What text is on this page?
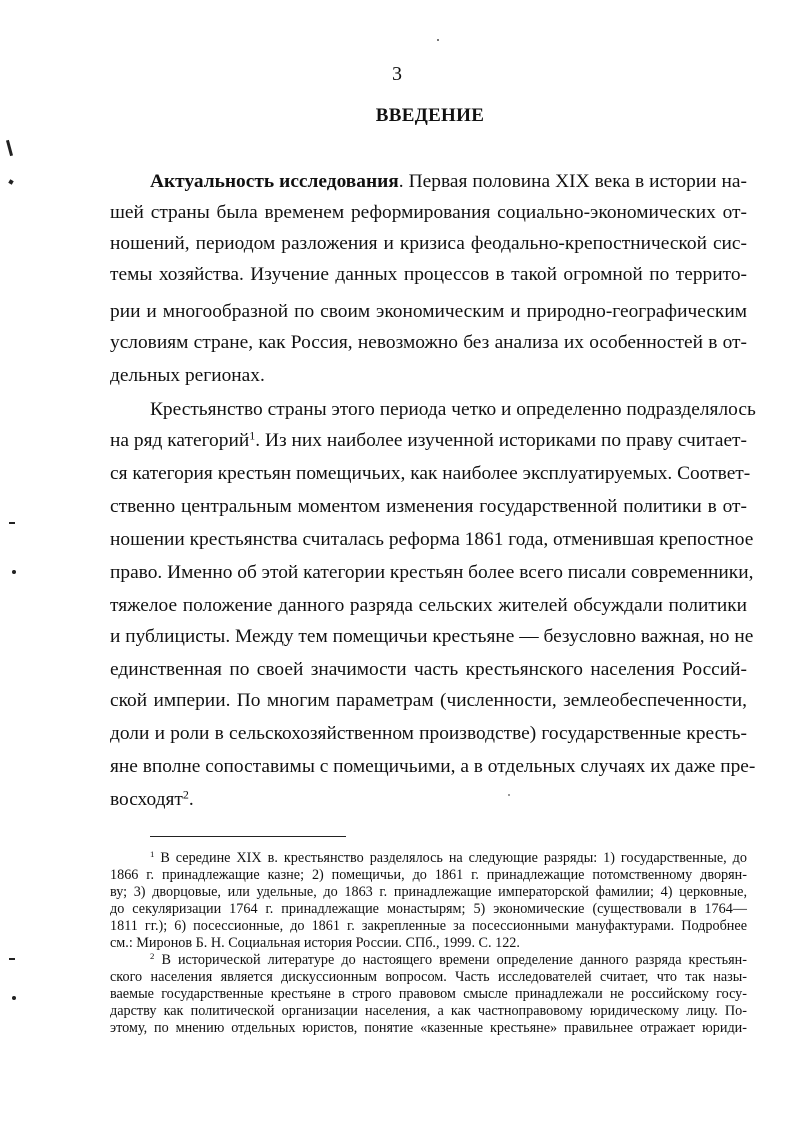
3
ВВЕДЕНИЕ
Актуальность исследования. Первая половина XIX века в истории на-
шей страны была временем реформирования социально-экономических от-
ношений, периодом разложения и кризиса феодально-крепостнической сис-
темы хозяйства. Изучение данных процессов в такой огромной по террито-
рии и многообразной по своим экономическим и природно-географическим
условиям стране, как Россия, невозможно без анализа их особенностей в от-
дельных регионах.
Крестьянство страны этого периода четко и определенно подразделялось
на ряд категорий$^1$. Из них наиболее изученной историками по праву считает-
ся категория крестьян помещичьих, как наиболее эксплуатируемых. Соответ-
ственно центральным моментом изменения государственной политики в от-
ношении крестьянства считалась реформа 1861 года, отменившая крепостное
право. Именно об этой категории крестьян более всего писали современники,
тяжелое положение данного разряда сельских жителей обсуждали политики
и публицисты. Между тем помещичьи крестьяне — безусловно важная, но не
единственная по своей значимости часть крестьянского населения Россий-
ской империи. По многим параметрам (численности, землеобеспеченности,
доли и роли в сельскохозяйственном производстве) государственные кресть-
яне вполне сопоставимы с помещичьими, а в отдельных случаях их даже пре-
восходят$^2$.
$^1$ В середине XIX в. крестьянство разделялось на следующие разряды: 1) государственные, до
1866 г. принадлежащие казне; 2) помещичьи, до 1861 г. принадлежащие потомственному дворян-
ву; 3) дворцовые, или удельные, до 1863 г. принадлежащие императорской фамилии; 4) церковные,
до секуляризации 1764 г. принадлежащие монастырям; 5) экономические (существовали в 1764—
1811 гг.); 6) посессионные, до 1861 г. закрепленные за посессионными мануфактурами. Подробнее
см.: Миронов Б. Н. Социальная история России. СПб., 1999. С. 122.
$^2$ В исторической литературе до настоящего времени определение данного разряда крестьян-
ского населения является дискуссионным вопросом. Часть исследователей считает, что так назы-
ваемые государственные крестьяне в строго правовом смысле принадлежали не российскому госу-
дарству как политической организации населения, а как частноправовому юридическому лицу. По-
этому, по мнению отдельных юристов, понятие «казенные крестьяне» правильнее отражает юриди-
